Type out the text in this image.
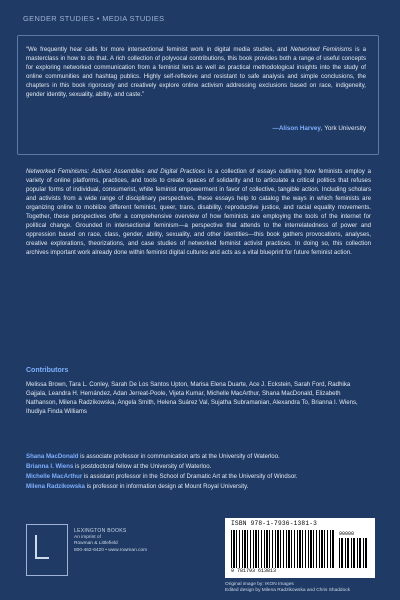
GENDER STUDIES • MEDIA STUDIES
“We frequently hear calls for more intersectional feminist work in digital media studies, and Networked Feminisms is a masterclass in how to do that. A rich collection of polyvocal contributions, this book provides both a range of useful concepts for exploring networked communication from a feminist lens as well as practical methodological insights into the study of online communities and hashtag publics. Highly self-reflexive and resistant to safe analysis and simple conclusions, the chapters in this book rigorously and creatively explore online activism addressing exclusions based on race, indigeneity, gender identity, sexuality, ability, and caste.”
—Alison Harvey, York University
Networked Feminisms: Activist Assemblies and Digital Practices is a collection of essays outlining how feminists employ a variety of online platforms, practices, and tools to create spaces of solidarity and to articulate a critical politics that refuses popular forms of individual, consumerist, white feminist empowerment in favor of collective, tangible action. Including scholars and activists from a wide range of disciplinary perspectives, these essays help to catalog the ways in which feminists are organizing online to mobilize different feminist, queer, trans, disability, reproductive justice, and racial equality movements. Together, these perspectives offer a comprehensive overview of how feminists are employing the tools of the internet for political change. Grounded in intersectional feminism—a perspective that attends to the interrelatedness of power and oppression based on race, class, gender, ability, sexuality, and other identities—this book gathers provocations, analyses, creative explorations, theorizations, and case studies of networked feminist activist practices. In doing so, this collection archives important work already done within feminist digital cultures and acts as a vital blueprint for future feminist action.
Contributors
Melissa Brown, Tara L. Conley, Sarah De Los Santos Upton, Marisa Elena Duarte, Ace J. Eckstein, Sarah Ford, Radhika Gajjala, Leandra H. Hernández, Adan Jerreat-Poole, Vijeta Kumar, Michelle MacArthur, Shana MacDonald, Elizabeth Nathanson, Milena Radzikowska, Angela Smith, Helena Suárez Val, Sujatha Subramanian, Alexandra To, Brianna I. Wiens, Ihudiya Finda Williams
Shana MacDonald is associate professor in communication arts at the University of Waterloo.
Brianna I. Wiens is postdoctoral fellow at the University of Waterloo.
Michelle MacArthur is assistant professor in the School of Dramatic Art at the University of Windsor.
Milena Radzikowska is professor in information design at Mount Royal University.
LEXINGTON BOOKS
An imprint of
Rowman & Littlefield
800-462-6420 • www.rowman.com
ISBN 978-1-7936-1381-3
9 781793 613813
90000
Original image by: IKON Images
Edited design by Milena Radzikowska and Chris Shaddock
